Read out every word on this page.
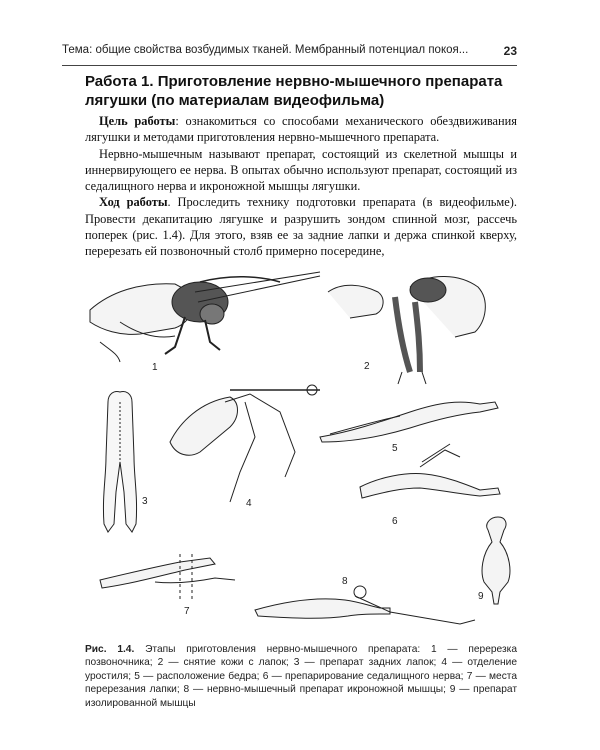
Тема: общие свойства возбудимых тканей. Мембранный потенциал покоя...	23
Работа 1. Приготовление нервно-мышечного препарата лягушки (по материалам видеофильма)

Цель работы: ознакомиться со способами механического обездвиживания лягушки и методами приготовления нервно-мышечного препарата.

Нервно-мышечным называют препарат, состоящий из скелетной мышцы и иннервирующего ее нерва. В опытах обычно используют препарат, состоящий из седалищного нерва и икроножной мышцы лягушки.

Ход работы. Проследить технику подготовки препарата (в видеофильме). Провести декапитацию лягушке и разрушить зондом спинной мозг, рассечь поперек (рис. 1.4). Для этого, взяв ее за задние лапки и держа спинкой кверху, перерезать ей позвоночный столб примерно посередине,

1	2
3	4
5
6
7
8
9
Рис. 1.4. Этапы приготовления нервно-мышечного препарата: 1 — перерезка позвоночника; 2 — снятие кожи с лапок; 3 — препарат задних лапок; 4 — отделение уростиля; 5 — расположение бедра; 6 — препарирование седалищного нерва; 7 — места перерезания лапки; 8 — нервно-мышечный препарат икроножной мышцы; 9 — препарат изолированной мышцы
